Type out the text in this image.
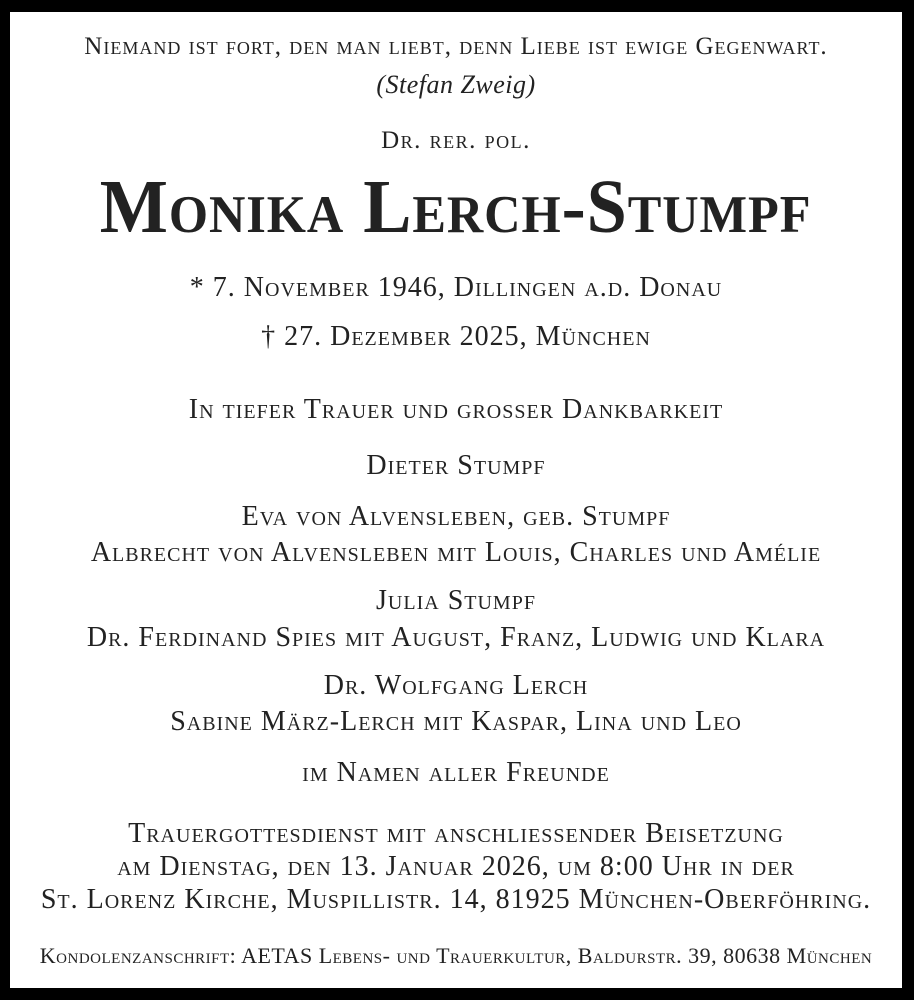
Niemand ist fort, den man liebt, denn Liebe ist ewige Gegenwart.
(Stefan Zweig)
Dr. rer. pol.
Monika Lerch-Stumpf
* 7. November 1946, Dillingen a.d. Donau
† 27. Dezember 2025, München
In tiefer Trauer und grosser Dankbarkeit
Dieter Stumpf
Eva von Alvensleben, geb. Stumpf
Albrecht von Alvensleben mit Louis, Charles und Amélie
Julia Stumpf
Dr. Ferdinand Spies mit August, Franz, Ludwig und Klara
Dr. Wolfgang Lerch
Sabine März-Lerch mit Kaspar, Lina und Leo
im Namen aller Freunde
Trauergottesdienst mit anschliessender Beisetzung
am Dienstag, den 13. Januar 2026, um 8:00 Uhr in der
St. Lorenz Kirche, Muspillistr. 14, 81925 München-Oberföhring.
Kondolenzanschrift: AETAS Lebens- und Trauerkultur, Baldurstr. 39, 80638 München
